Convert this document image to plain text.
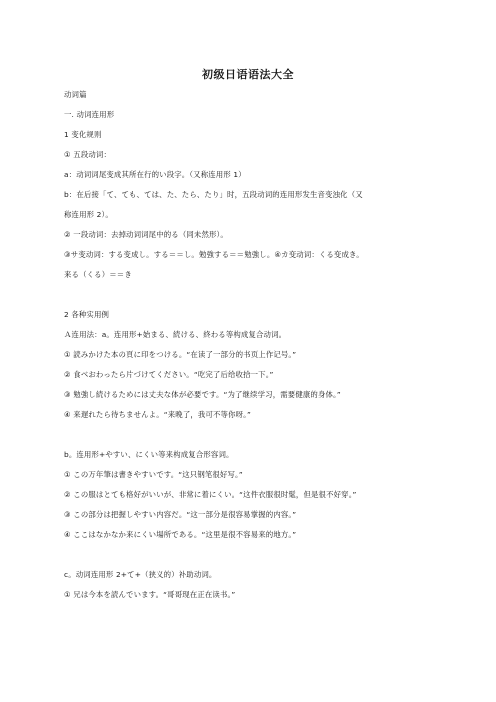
初级日语语法大全
动词篇
一. 动词连用形
1 变化规则
① 五段动词：
a：动词词尾变成其所在行的い段字。（又称连用形 1）
b：在后接「て、ても、ては、た、たら、たり」时，五段动词的连用形发生音变浊化（又
称连用形 2）。
② 一段动词：去掉动词词尾中的る（同未然形）。
③サ变动词：する变成し。する＝＝し。勉強する＝＝勉強し。④カ变动词：くる变成き。
来る（くる）＝＝き
2 各种实用例
Ａ连用法：a。连用形+始まる、続ける、終わる等构成复合动词。
① 読みかけた本の頁に印をつける。“在读了一部分的书页上作记号。”
② 食べおわったら片づけてください。“吃完了后给收拾一下。”
③ 勉強し続けるためには丈夫な体が必要です。“为了继续学习，需要健康的身体。”
④ 来遅れたら待ちませんよ。“来晚了，我可不等你呀。”
b。连用形+やすい、にくい等来构成复合形容词。
① この万年筆は書きやすいです。“这只钢笔很好写。”
② この服はとても格好がいいが、非常に着にくい。“这件衣服很时髦，但是很不好穿。”
③ この部分は把握しやすい内容だ。“这一部分是很容易掌握的内容。”
④ ここはなかなか来にくい場所である。“这里是很不容易来的地方。”
c。动词连用形 2+て+（狭义的）补助动词。
① 兄は今本を読んでいます。“哥哥现在正在读书。”
